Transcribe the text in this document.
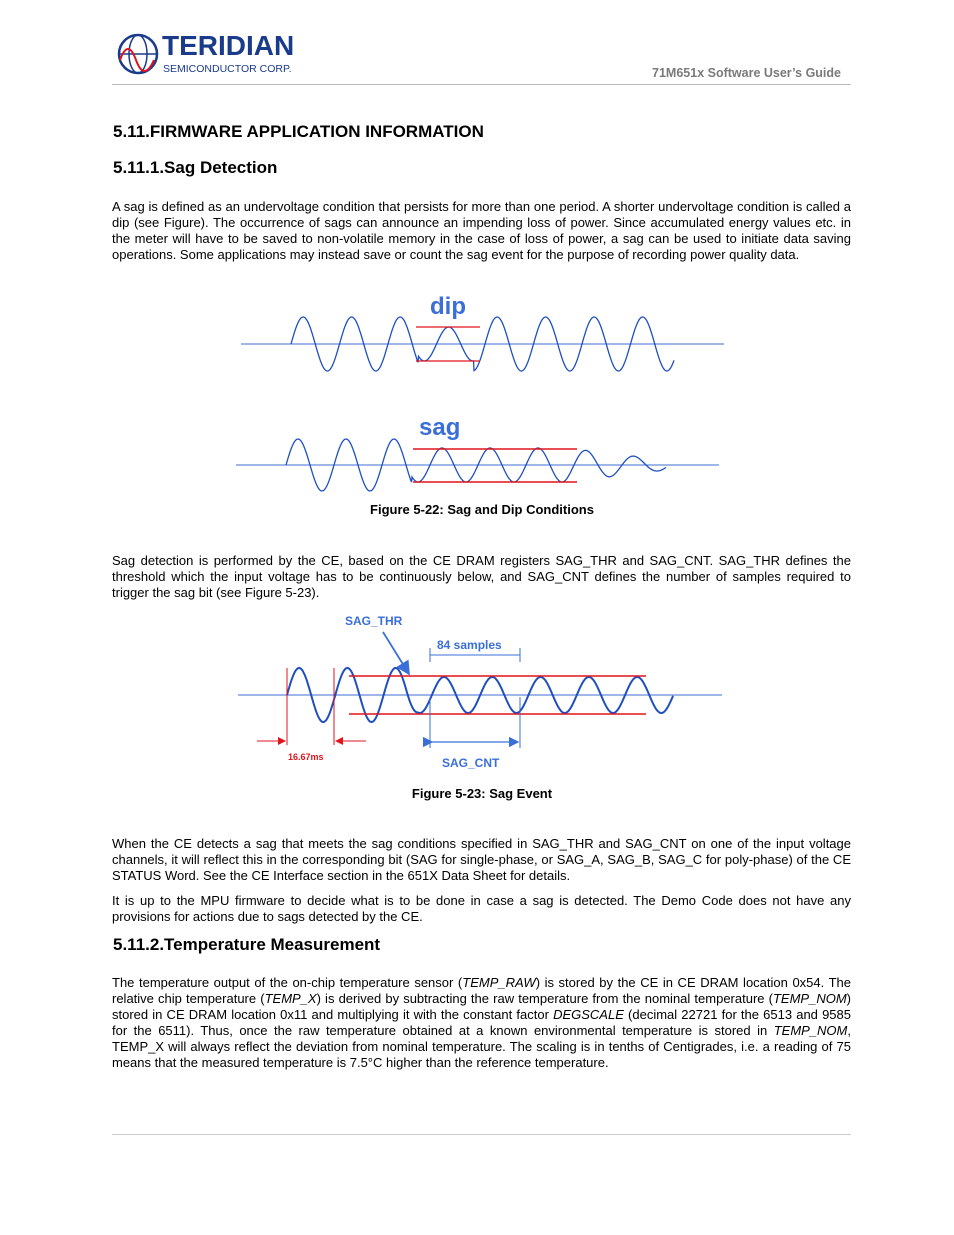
TERIDIAN
SEMICONDUCTOR CORP.	71M651x Software User’s Guide
5.11.FIRMWARE APPLICATION INFORMATION
5.11.1.Sag Detection

A sag is defined as an undervoltage condition that persists for more than one period. A shorter undervoltage condition is called a dip (see Figure). The occurrence of sags can announce an impending loss of power. Since accumulated energy values etc. in the meter will have to be saved to non-volatile memory in the case of loss of power, a sag can be used to initiate data saving operations. Some applications may instead save or count the sag event for the purpose of recording power quality data.

dip
sag
Figure 5-22: Sag and Dip Conditions

Sag detection is performed by the CE, based on the CE DRAM registers SAG_THR and SAG_CNT. SAG_THR defines the threshold which the input voltage has to be continuously below, and SAG_CNT defines the number of samples required to trigger the sag bit (see Figure 5-23).

SAG_THR
84 samples
SAG_CNT
16.67ms
Figure 5-23: Sag Event

When the CE detects a sag that meets the sag conditions specified in SAG_THR and SAG_CNT on one of the input voltage channels, it will reflect this in the corresponding bit (SAG for single-phase, or SAG_A, SAG_B, SAG_C for poly-phase) of the CE STATUS Word. See the CE Interface section in the 651X Data Sheet for details.

It is up to the MPU firmware to decide what is to be done in case a sag is detected. The Demo Code does not have any provisions for actions due to sags detected by the CE.

5.11.2.Temperature Measurement

The temperature output of the on-chip temperature sensor (TEMP_RAW) is stored by the CE in CE DRAM location 0x54. The relative chip temperature (TEMP_X) is derived by subtracting the raw temperature from the nominal temperature (TEMP_NOM) stored in CE DRAM location 0x11 and multiplying it with the constant factor DEGSCALE (decimal 22721 for the 6513 and 9585 for the 6511). Thus, once the raw temperature obtained at a known environmental temperature is stored in TEMP_NOM, TEMP_X will always reflect the deviation from nominal temperature. The scaling is in tenths of Centigrades, i.e. a reading of 75 means that the measured temperature is 7.5°C higher than the reference temperature.
